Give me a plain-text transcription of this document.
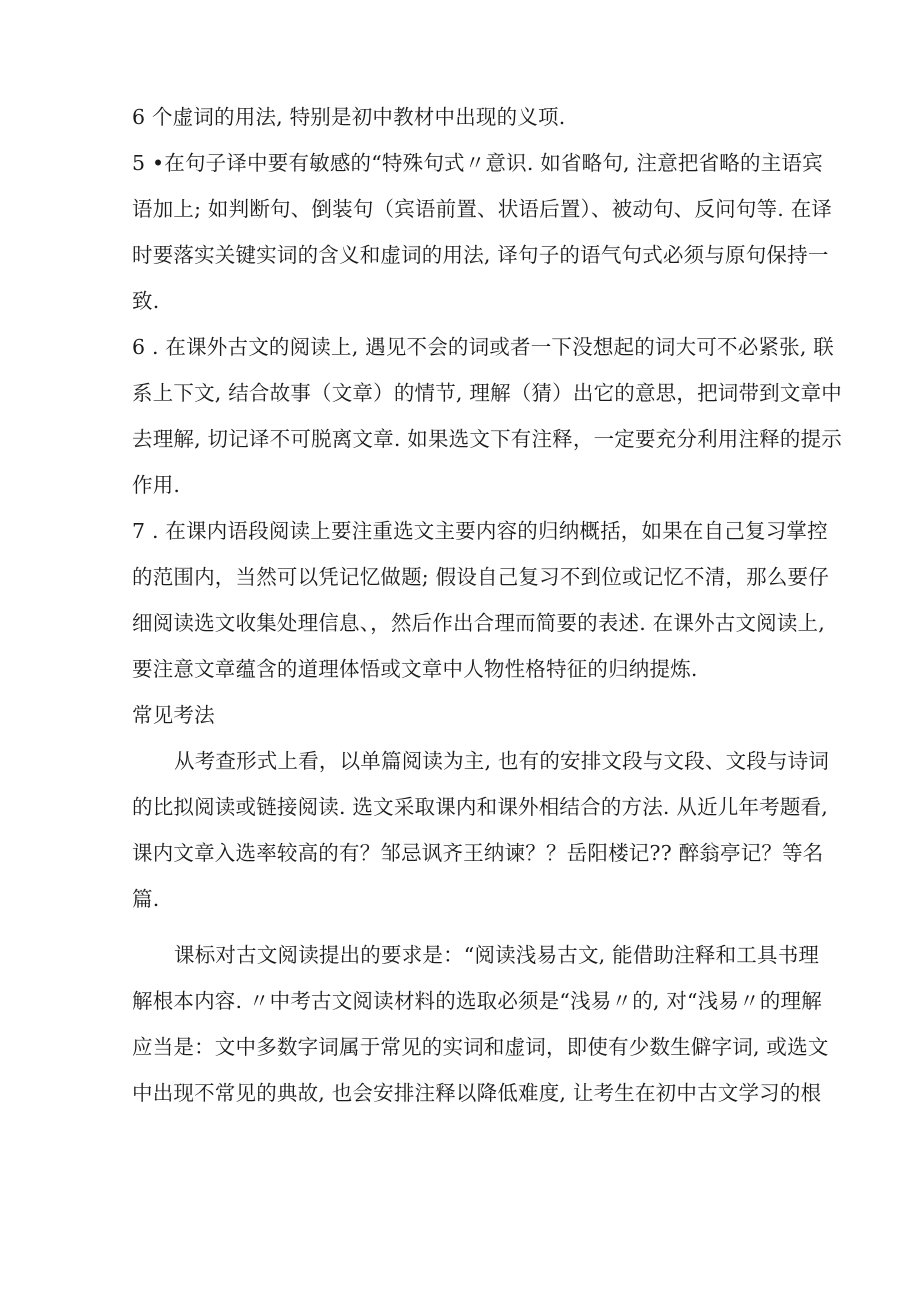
6 个虚词的用法, 特别是初中教材中出现的义项.
5 •在句子译中要有敏感的“特殊句式〃意识. 如省略句, 注意把省略的主语宾
语加上; 如判断句、倒装句（宾语前置、状语后置）、被动句、反问句等. 在译
时要落实关键实词的含义和虚词的用法, 译句子的语气句式必须与原句保持一
致.
6 . 在课外古文的阅读上, 遇见不会的词或者一下没想起的词大可不必紧张, 联
系上下文, 结合故事（文章）的情节, 理解（猜）出它的意思，把词带到文章中
去理解, 切记译不可脱离文章. 如果选文下有注释，一定要充分利用注释的提示
作用.
7 . 在课内语段阅读上要注重选文主要内容的归纳概括，如果在自己复习掌控
的范围内，当然可以凭记忆做题; 假设自己复习不到位或记忆不清，那么要仔
细阅读选文收集处理信息、，然后作出合理而简要的表述. 在课外古文阅读上,
要注意文章蕴含的道理体悟或文章中人物性格特征的归纳提炼.
常见考法
从考查形式上看，以单篇阅读为主, 也有的安排文段与文段、文段与诗词
的比拟阅读或链接阅读. 选文采取课内和课外相结合的方法. 从近儿年考题看,
课内文章入选率较高的有？邹忌讽齐王纳谏？？岳阳楼记?? 醉翁亭记？等名
篇.
课标对古文阅读提出的要求是：“阅读浅易古文, 能借助注释和工具书理
解根本内容. 〃中考古文阅读材料的选取必须是“浅易〃的, 对“浅易〃的理解
应当是：文中多数字词属于常见的实词和虚词，即使有少数生僻字词, 或选文
中出现不常见的典故, 也会安排注释以降低难度, 让考生在初中古文学习的根
